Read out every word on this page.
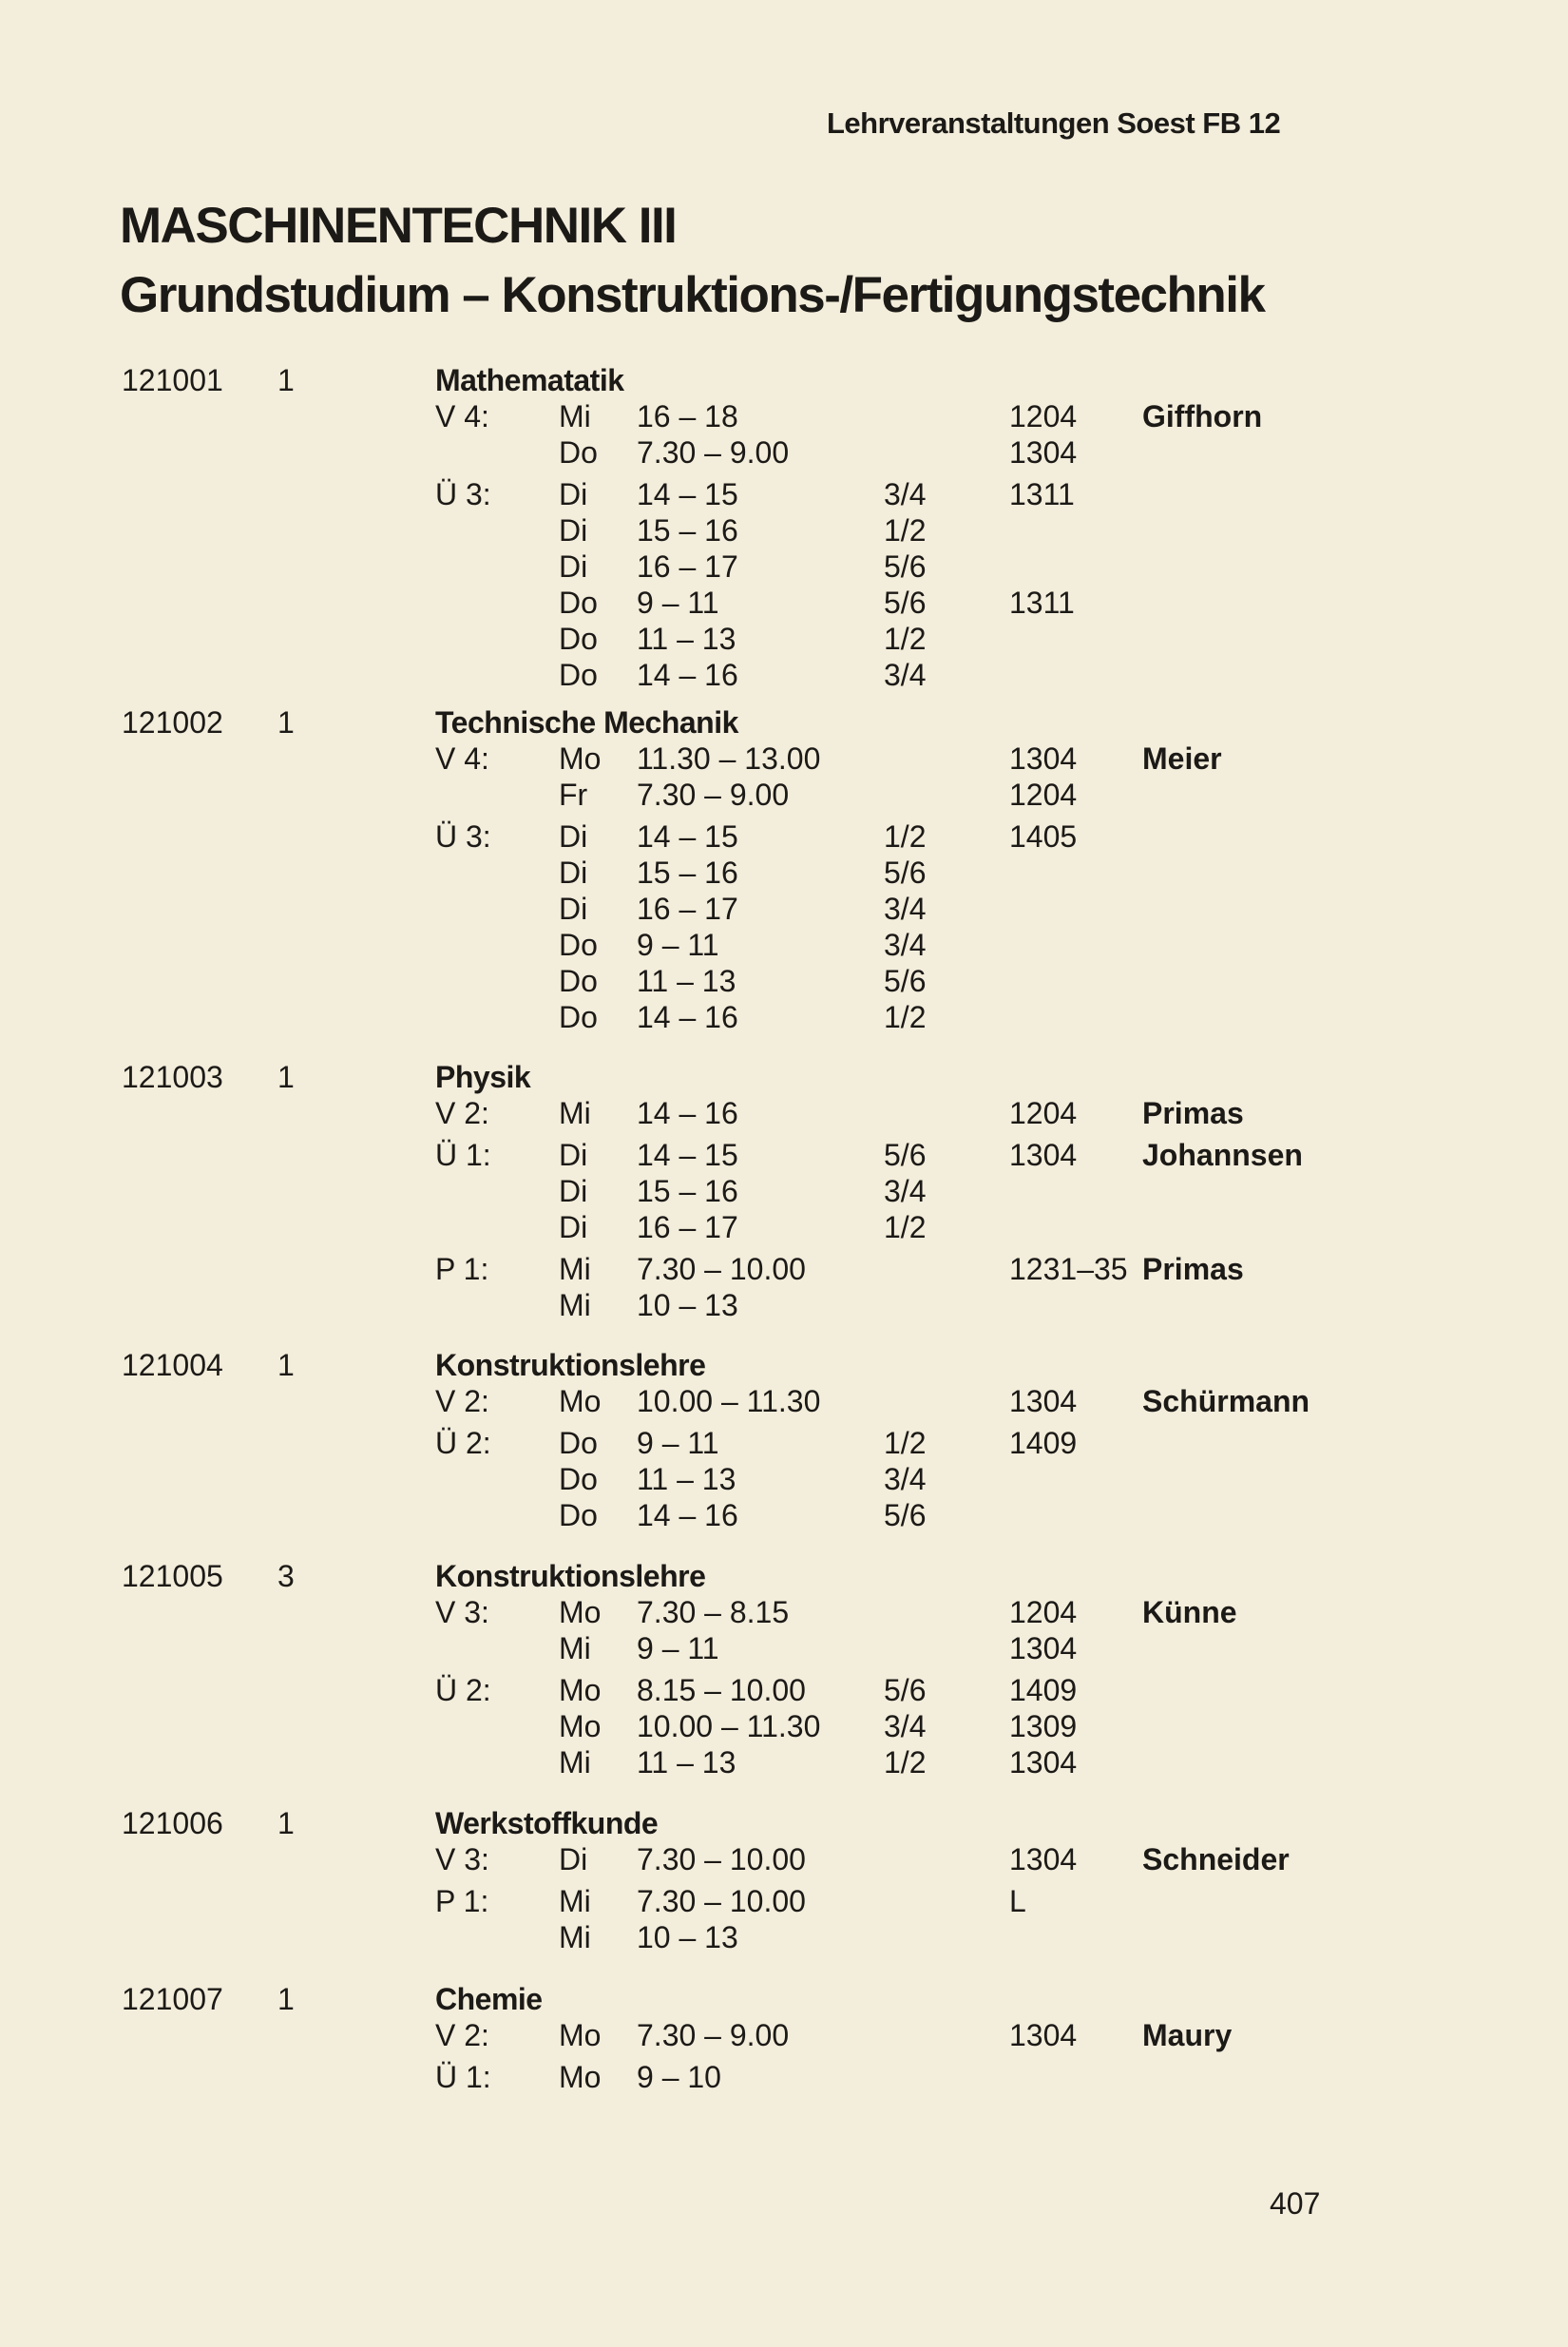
Lehrveranstaltungen Soest FB 12
MASCHINENTECHNIK III
Grundstudium – Konstruktions-/Fertigungstechnik
121001 1	Mathematatik
V 4: Mi 16 – 18	1204 Giffhorn
Do 7.30 – 9.00	1304
Ü 3: Di 14 – 15	3/4	1311
Di 15 – 16	1/2
Di 16 – 17	5/6
Do 9 – 11	5/6	1311
Do 11 – 13	1/2
Do 14 – 16	3/4
121002 1	Technische Mechanik
V 4: Mo 11.30 – 13.00	1304 Meier
Fr 7.30 – 9.00	1204
Ü 3: Di 14 – 15	1/2	1405
Di 15 – 16	5/6
Di 16 – 17	3/4
Do 9 – 11	3/4
Do 11 – 13	5/6
Do 14 – 16	1/2
121003 1	Physik
V 2: Mi 14 – 16	1204 Primas
Ü 1: Di 14 – 15	5/6	1304 Johannsen
Di 15 – 16	3/4
Di 16 – 17	1/2
P 1: Mi 7.30 – 10.00	1231–35 Primas
Mi 10 – 13
121004 1	Konstruktionslehre
V 2: Mo 10.00 – 11.30	1304 Schürmann
Ü 2: Do 9 – 11	1/2	1409
Do 11 – 13	3/4
Do 14 – 16	5/6
121005 3	Konstruktionslehre
V 3: Mo 7.30 – 8.15	1204 Künne
Mi 9 – 11	1304
Ü 2: Mo 8.15 – 10.00	5/6	1409
Mo 10.00 – 11.30 3/4	1309
Mi 11 – 13	1/2	1304
121006 1	Werkstoffkunde
V 3: Di 7.30 – 10.00	1304 Schneider
P 1: Mi 7.30 – 10.00	L
Mi 10 – 13
121007 1	Chemie
V 2: Mo 7.30 – 9.00	1304 Maury
Ü 1: Mo 9 – 10
407
